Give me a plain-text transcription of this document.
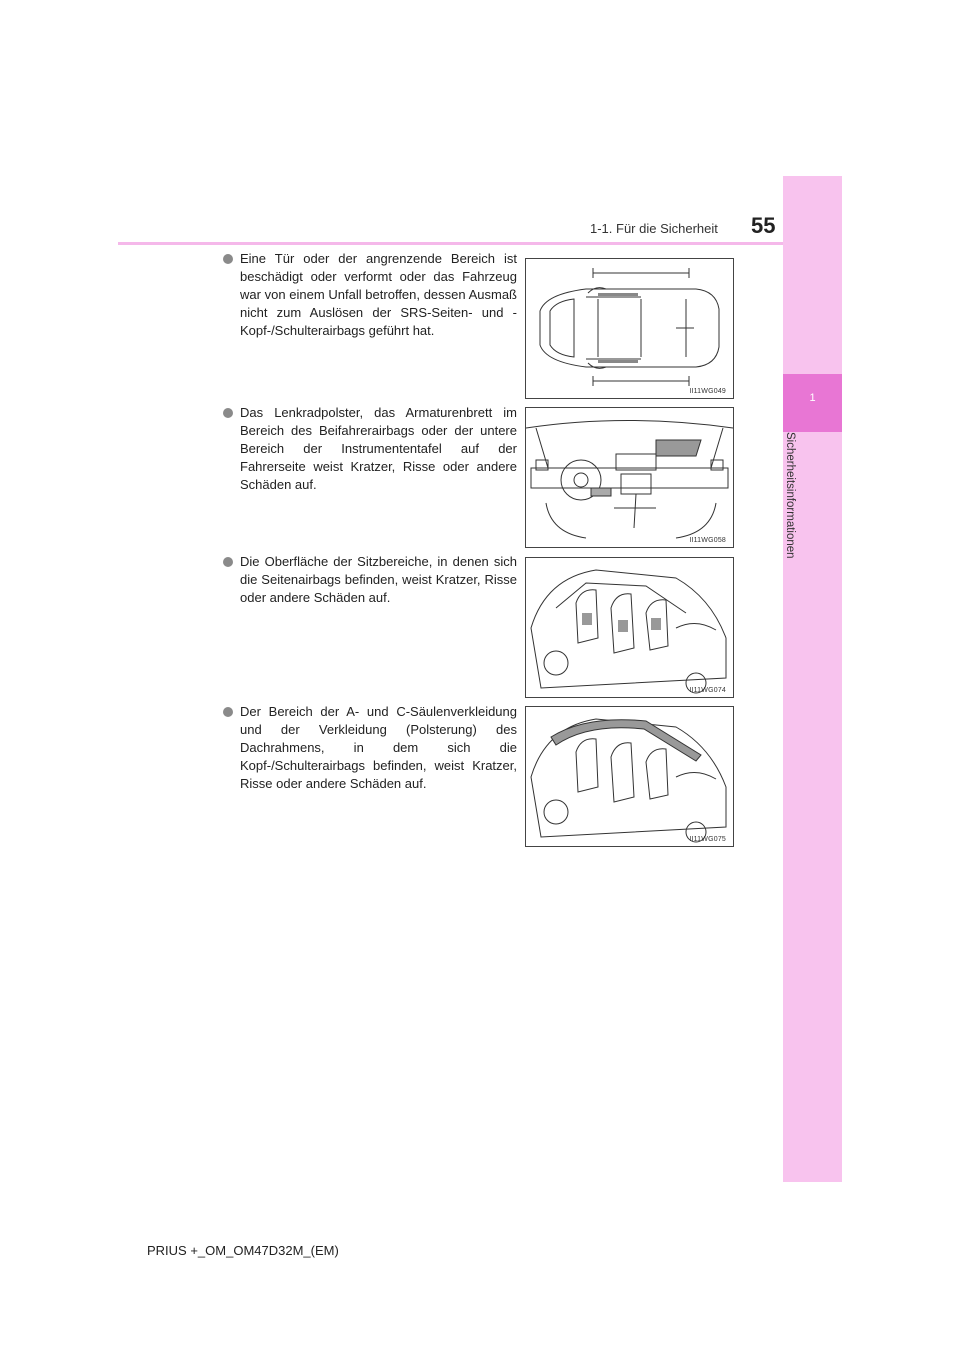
1-1. Für die Sicherheit 55
1
Sicherheitsinformationen
Eine Tür oder der angrenzende Bereich ist beschädigt oder verformt oder das Fahrzeug war von einem Unfall betroffen, dessen Ausmaß nicht zum Auslösen der SRS-Seiten- und -Kopf-/Schulterairbags geführt hat.
II11WG049
Das Lenkradpolster, das Armaturenbrett im Bereich des Beifahrerairbags oder der untere Bereich der Instrumententafel auf der Fahrerseite weist Kratzer, Risse oder andere Schäden auf.
II11WG058
Die Oberfläche der Sitzbereiche, in denen sich die Seitenairbags befinden, weist Kratzer, Risse oder andere Schäden auf.
II11WG074
Der Bereich der A- und C-Säulenverkleidung und der Verkleidung (Polsterung) des Dachrahmens, in dem sich die Kopf-/Schulterairbags befinden, weist Kratzer, Risse oder andere Schäden auf.
II11WG075
PRIUS +_OM_OM47D32M_(EM)
